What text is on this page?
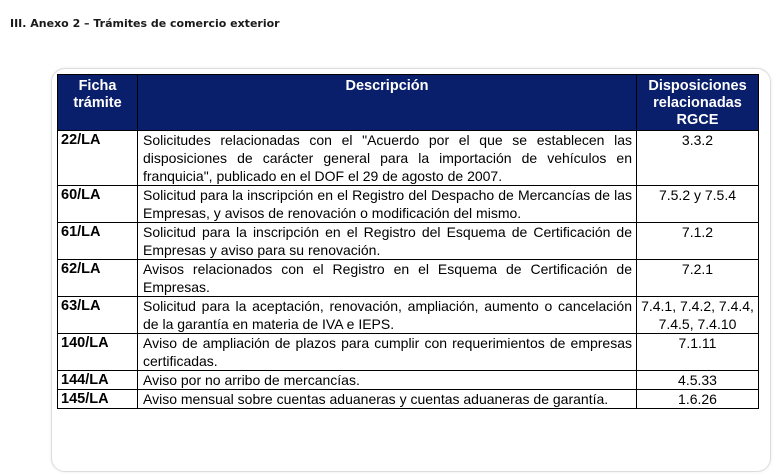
III. Anexo 2 – Trámites de comercio exterior
Ficha trámite	Descripción	Disposiciones relacionadas RGCE
22/LA	Solicitudes relacionadas con el "Acuerdo por el que se establecen las disposiciones de carácter general para la importación de vehículos en franquicia", publicado en el DOF el 29 de agosto de 2007.	3.3.2
60/LA	Solicitud para la inscripción en el Registro del Despacho de Mercancías de las Empresas, y avisos de renovación o modificación del mismo.	7.5.2 y 7.5.4
61/LA	Solicitud para la inscripción en el Registro del Esquema de Certificación de Empresas y aviso para su renovación.	7.1.2
62/LA	Avisos relacionados con el Registro en el Esquema de Certificación de Empresas.	7.2.1
63/LA	Solicitud para la aceptación, renovación, ampliación, aumento o cancelación de la garantía en materia de IVA e IEPS.	7.4.1, 7.4.2, 7.4.4, 7.4.5, 7.4.10
140/LA	Aviso de ampliación de plazos para cumplir con requerimientos de empresas certificadas.	7.1.11
144/LA	Aviso por no arribo de mercancías.	4.5.33
145/LA	Aviso mensual sobre cuentas aduaneras y cuentas aduaneras de garantía.	1.6.26
